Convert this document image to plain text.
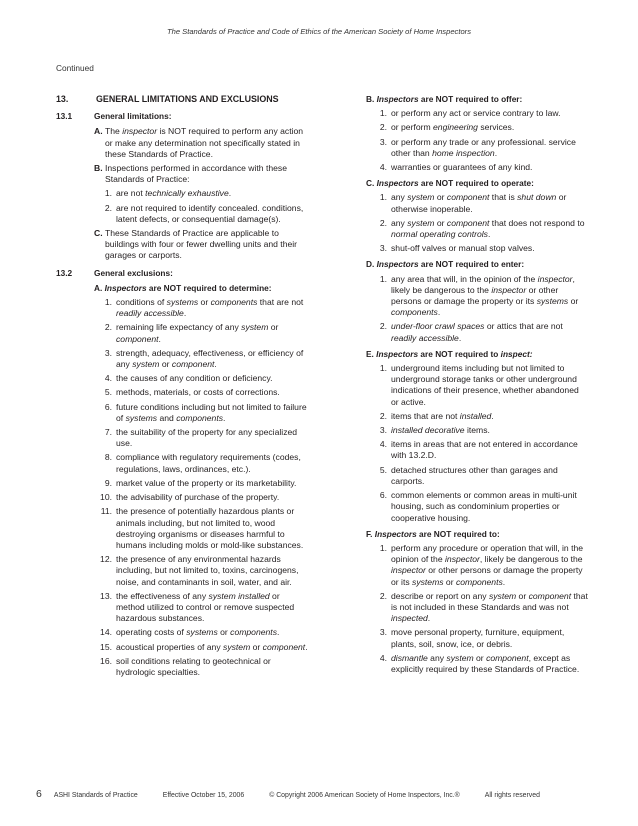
The Standards of Practice and Code of Ethics of the American Society of Home Inspectors
Continued
13.	GENERAL LIMITATIONS AND EXCLUSIONS
13.1	General limitations:
A. The inspector is NOT required to perform any action or make any determination not specifically stated in these Standards of Practice.
B. Inspections performed in accordance with these Standards of Practice:
1. are not technically exhaustive.
2. are not required to identify concealed. conditions, latent defects, or consequential damage(s).
C. These Standards of Practice are applicable to buildings with four or fewer dwelling units and their garages or carports.
13.2	General exclusions:
A. Inspectors are NOT required to determine:
1. conditions of systems or components that are not readily accessible.
2. remaining life expectancy of any system or component.
3. strength, adequacy, effectiveness, or efficiency of any system or component.
4. the causes of any condition or deficiency.
5. methods, materials, or costs of corrections.
6. future conditions including but not limited to failure of systems and components.
7. the suitability of the property for any specialized use.
8. compliance with regulatory requirements (codes, regulations, laws, ordinances, etc.).
9. market value of the property or its marketability.
10. the advisability of purchase of the property.
11. the presence of potentially hazardous plants or animals including, but not limited to, wood destroying organisms or diseases harmful to humans including molds or mold-like substances.
12. the presence of any environmental hazards including, but not limited to, toxins, carcinogens, noise, and contaminants in soil, water, and air.
13. the effectiveness of any system installed or method utilized to control or remove suspected hazardous substances.
14. operating costs of systems or components.
15. acoustical properties of any system or component.
16. soil conditions relating to geotechnical or hydrologic specialties.
B. Inspectors are NOT required to offer:
1. or perform any act or service contrary to law.
2. or perform engineering services.
3. or perform any trade or any professional. service other than home inspection.
4. warranties or guarantees of any kind.
C. Inspectors are NOT required to operate:
1. any system or component that is shut down or otherwise inoperable.
2. any system or component that does not respond to normal operating controls.
3. shut-off valves or manual stop valves.
D. Inspectors are NOT required to enter:
1. any area that will, in the opinion of the inspector, likely be dangerous to the inspector or other persons or damage the property or its systems or components.
2. under-floor crawl spaces or attics that are not readily accessible.
E. Inspectors are NOT required to inspect:
1. underground items including but not limited to underground storage tanks or other underground indications of their presence, whether abandoned or active.
2. items that are not installed.
3. installed decorative items.
4. items in areas that are not entered in accordance with 13.2.D.
5. detached structures other than garages and carports.
6. common elements or common areas in multi-unit housing, such as condominium properties or cooperative housing.
F. Inspectors are NOT required to:
1. perform any procedure or operation that will, in the opinion of the inspector, likely be dangerous to the inspector or other persons or damage the property or its systems or components.
2. describe or report on any system or component that is not included in these Standards and was not inspected.
3. move personal property, furniture, equipment, plants, soil, snow, ice, or debris.
4. dismantle any system or component, except as explicitly required by these Standards of Practice.
6 ASHI Standards of Practice	Effective October 15, 2006	© Copyright 2006 American Society of Home Inspectors, Inc.®	All rights reserved
